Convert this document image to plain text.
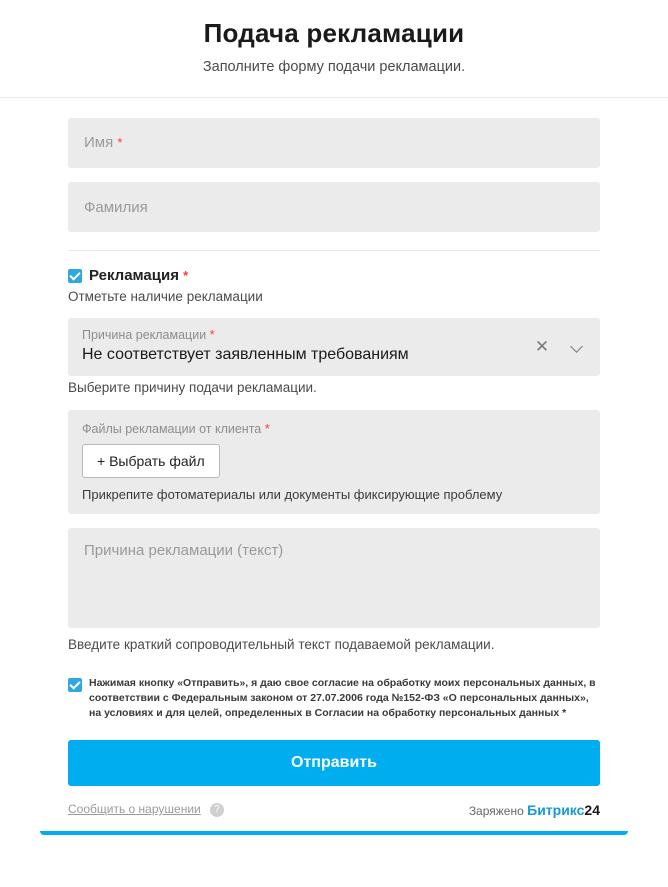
Подача рекламации
Заполните форму подачи рекламации.
Имя *
Фамилия
Рекламация *
Отметьте наличие рекламации
Причина рекламации *
Не соответствует заявленным требованиям	✕
Выберите причину подачи рекламации.
Файлы рекламации от клиента *
+ Выбрать файл
Прикрепите фотоматериалы или документы фиксирующие проблему
Причина рекламации (текст)
Введите краткий сопроводительный текст подаваемой рекламации.
Нажимая кнопку «Отправить», я даю свое согласие на обработку моих персональных данных, в соответствии с Федеральным законом от 27.07.2006 года №152-ФЗ «О персональных данных», на условиях и для целей, определенных в Согласии на обработку персональных данных *
Отправить
Сообщить о нарушении ?	Заряжено Битрикс24
